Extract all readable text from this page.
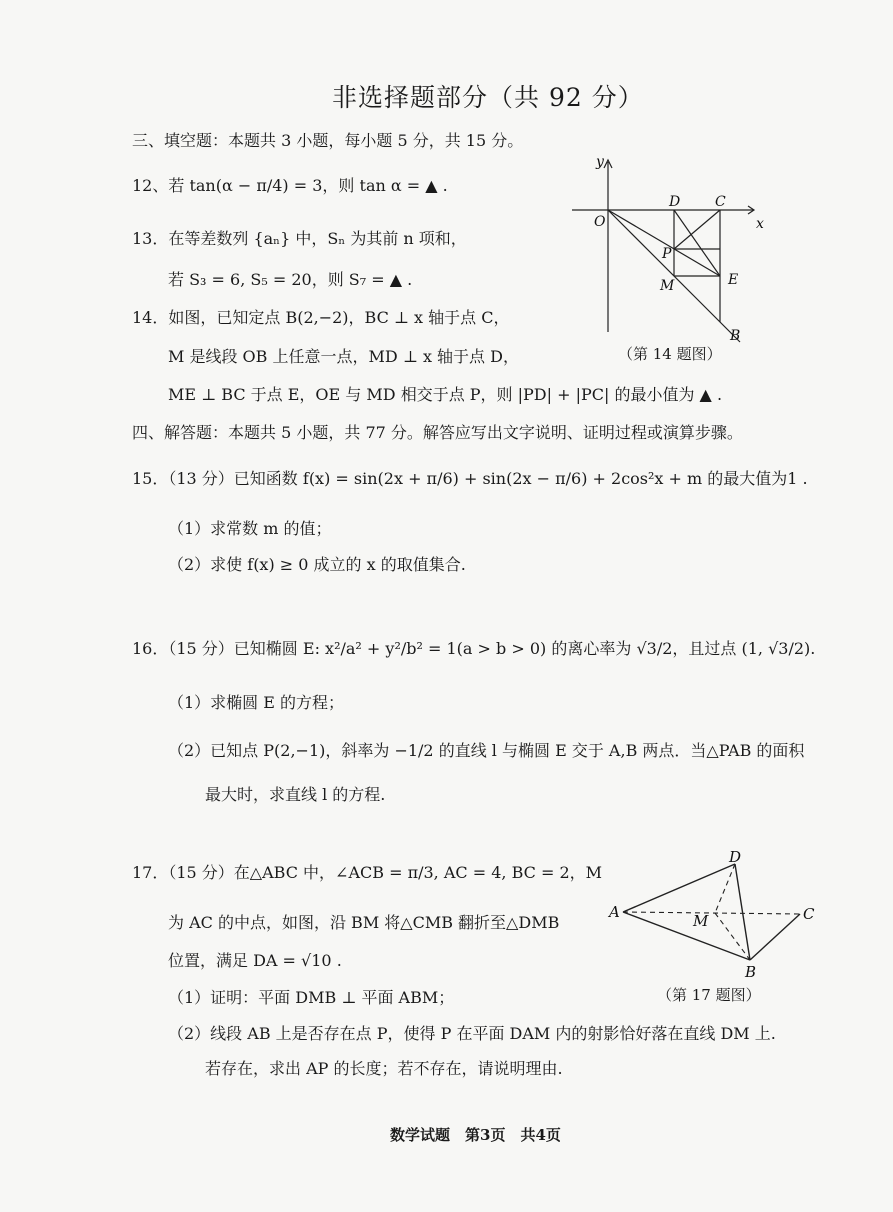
非选择题部分（共 92 分）
三、填空题：本题共 3 小题，每小题 5 分，共 15 分。
12、若 tan(α − π/4) = 3，则 tan α = ▲ .
13．在等差数列 {aₙ} 中，Sₙ 为其前 n 项和，
若 S₃ = 6, S₅ = 20，则 S₇ = ▲ .
14．如图，已知定点 B(2,−2)，BC ⊥ x 轴于点 C，
M 是线段 OB 上任意一点，MD ⊥ x 轴于点 D，
ME ⊥ BC 于点 E，OE 与 MD 相交于点 P，则 |PD| + |PC| 的最小值为 ▲ .
y
x
O
D C
P
M	E
B
（第 14 题图）
四、解答题：本题共 5 小题，共 77 分。解答应写出文字说明、证明过程或演算步骤。
15．（13 分）已知函数 f(x) = sin(2x + π/6) + sin(2x − π/6) + 2cos²x + m 的最大值为1 .
（1）求常数 m 的值；
（2）求使 f(x) ≥ 0 成立的 x 的取值集合.
16．（15 分）已知椭圆 E: x²/a² + y²/b² = 1(a > b > 0) 的离心率为 √3/2，且过点 (1, √3/2).
（1）求椭圆 E 的方程；
（2）已知点 P(2,−1)，斜率为 −1/2 的直线 l 与椭圆 E 交于 A,B 两点．当△PAB 的面积
最大时，求直线 l 的方程.
17．（15 分）在△ABC 中，∠ACB = π/3, AC = 4, BC = 2，M
为 AC 的中点，如图，沿 BM 将△CMB 翻折至△DMB
位置，满足 DA = √10 .
（1）证明：平面 DMB ⊥ 平面 ABM；
（2）线段 AB 上是否存在点 P，使得 P 在平面 DAM 内的射影恰好落在直线 DM 上.
若存在，求出 AP 的长度；若不存在，请说明理由.
A
D
M	C
B
（第 17 题图）
数学试题　第3页　共4页
